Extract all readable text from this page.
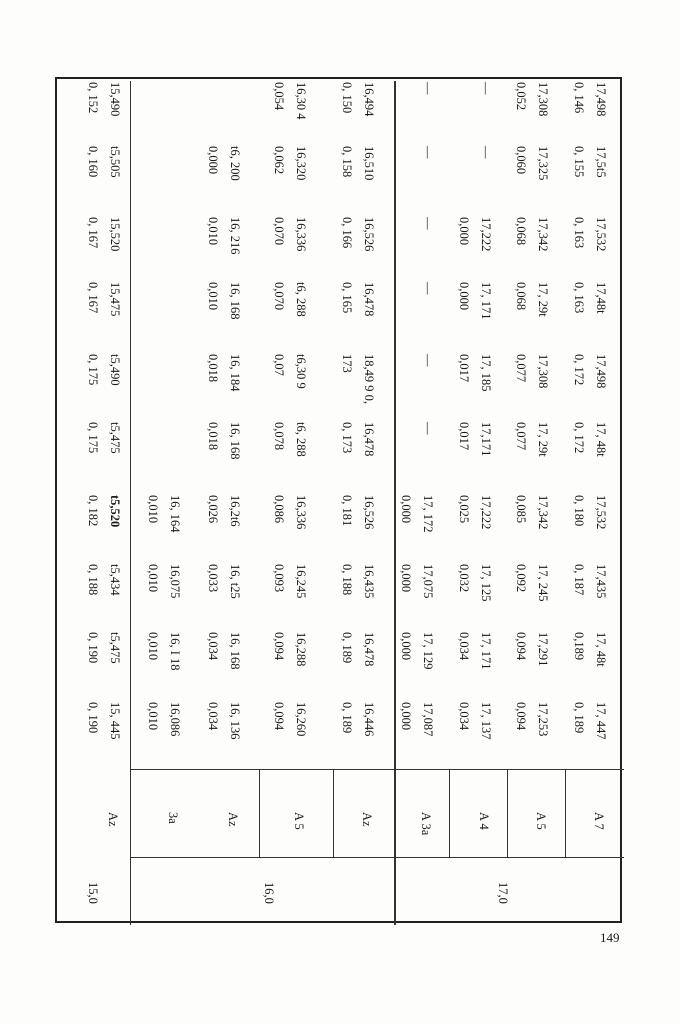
Az
15, 445
0, 190
t5,475
0, 190
t5,434
0, 188
t5,520
0, 182
t5,475
0, 175
t5,490
0, 175
15,475
0, 167
15,520
0, 167
t5,505
0, 160
15,490
0, 152
3a
16,086
0,010
16, I 18
0,010
16,075
0,010
16, 164
0,010
Az
16, 136
0,034
16, 168
0,034
16, t25
0,033
16,2t6
0,026
16, 168
0,018
16, 184
0,018
16, 168
0,010
16, 216
0,010
t6, 200
0,000
A 5
16,260
0,094
16,288
0,094
16,245
0,093
16,336
0,086
t6, 288
0,078
t6,30 9
0,07
t6, 288
0,070
16,336
0,070
16,320
0,062
16,30 4
0,054
Az
16,446
0, 189
16,478
0, 189
16,435
0, 188
16,526
0, 181
16,478
0, 173
18,49 9 0,
173
16,478
0, 165
16,526
0, 166
16,510
0, 158
16,494
0, 150
A 3a
17,087
0,000
17, 129
0,000
17,075
0,000
17, 172
0,000
—
—
—
—
—
—
A 4
17, 137
0,034
17, 171
0,034
17, 125
0,032
17,222
0,025
17,171
0,017
17, 185
0,017
17, 171
0,000
17,222
0,000
—
—
A 5
17,253
0,094
17,291
0,094
17, 245
0,092
17,342
0,085
17, 29t
0,077
17,308
0,077
17, 29t
0,068
17,342
0,068
17,325
0,060
17,308
0,052
A 7
17, 447
0, 189
17, 48t
0,189
17,435
0, 187
17,532
0, 180
17, 48t
0, 172
17,498
0, 172
17,48t
0, 163
17,532
0, 163
17,5t5
0, 155
17,498
0, 146
15,0	16,0	17,0
149
